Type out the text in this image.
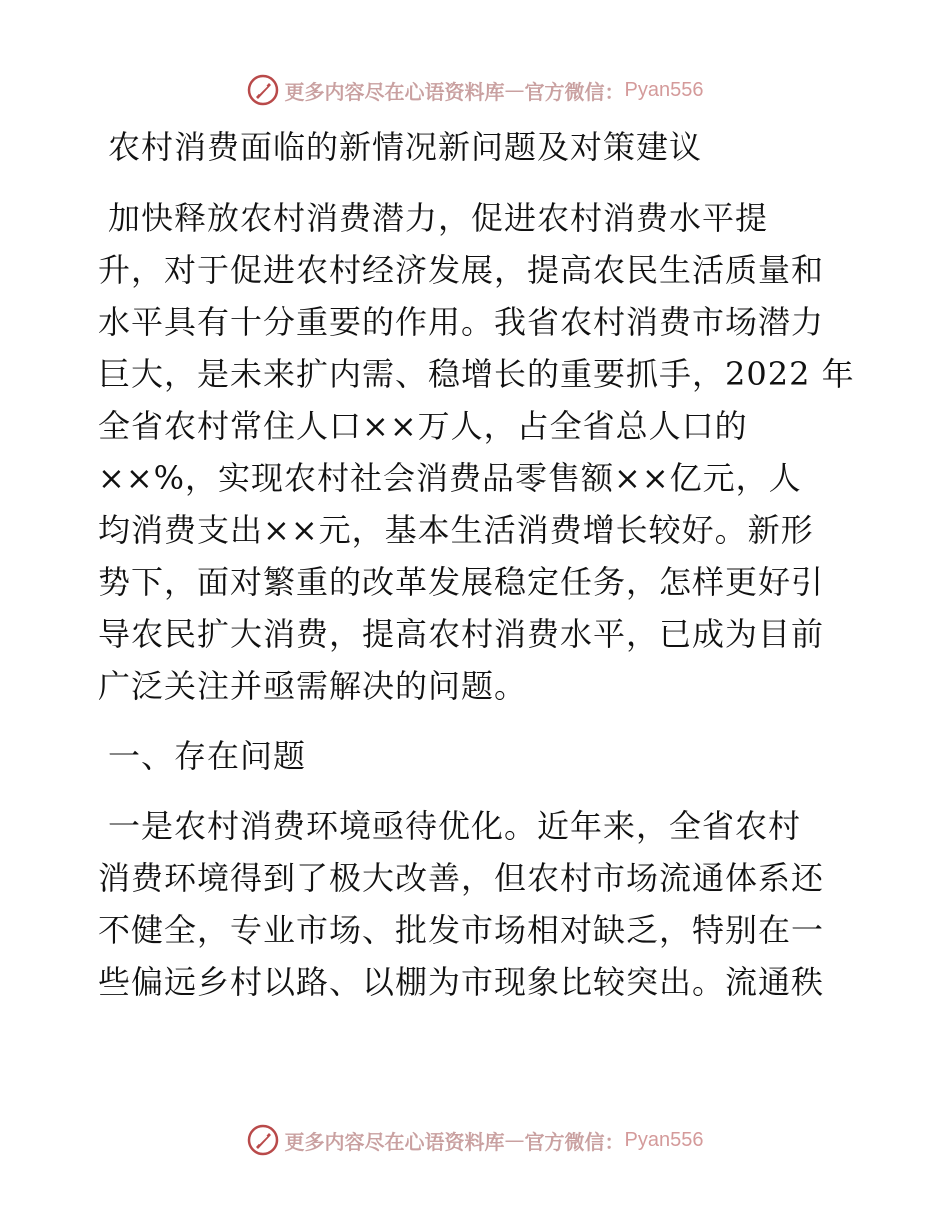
更多内容尽在心语资料库 — 官方微信： Pyan556
农村消费面临的新情况新问题及对策建议
加快释放农村消费潜力，促进农村消费水平提
升，对于促进农村经济发展，提高农民生活质量和
水平具有十分重要的作用。我省农村消费市场潜力
巨大，是未来扩内需、稳增长的重要抓手，2022 年
全省农村常住人口××万人，占全省总人口的
××%，实现农村社会消费品零售额××亿元，人
均消费支出××元，基本生活消费增长较好。新形
势下，面对繁重的改革发展稳定任务，怎样更好引
导农民扩大消费，提高农村消费水平，已成为目前
广泛关注并亟需解决的问题。
一、存在问题
一是农村消费环境亟待优化。近年来，全省农村
消费环境得到了极大改善，但农村市场流通体系还
不健全，专业市场、批发市场相对缺乏，特别在一
些偏远乡村以路、以棚为市现象比较突出。流通秩
更多内容尽在心语资料库 — 官方微信： Pyan556
